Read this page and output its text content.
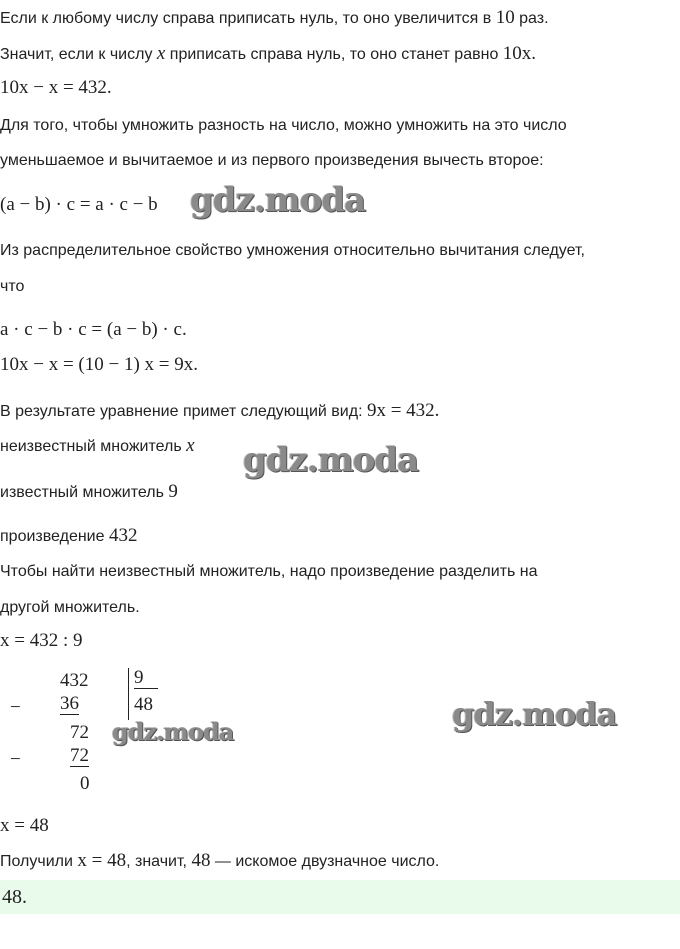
Если к любому числу справа приписать нуль, то оно увеличится в 10 раз.
Значит, если к числу x приписать справа нуль, то оно станет равно 10x.
10x − x = 432.
Для того, чтобы умножить разность на число, можно умножить на это число
уменьшаемое и вычитаемое и из первого произведения вычесть второе:
(a − b) · c = a · c − b gdz.moda
Из распределительное свойство умножения относительно вычитания следует,
что
a · c − b · c = (a − b) · c.
10x − x = (10 − 1) x = 9x.
В результате уравнение примет следующий вид: 9x = 432.
неизвестный множитель x gdz.moda
известный множитель 9
произведение 432
Чтобы найти неизвестный множитель, надо произведение разделить на
другой множитель.
x = 432 : 9
432 9
48
− 36
72
−	72
0
gdz.moda	gdz.moda
x = 48
Получили x = 48, значит, 48 — искомое двузначное число.
48.
